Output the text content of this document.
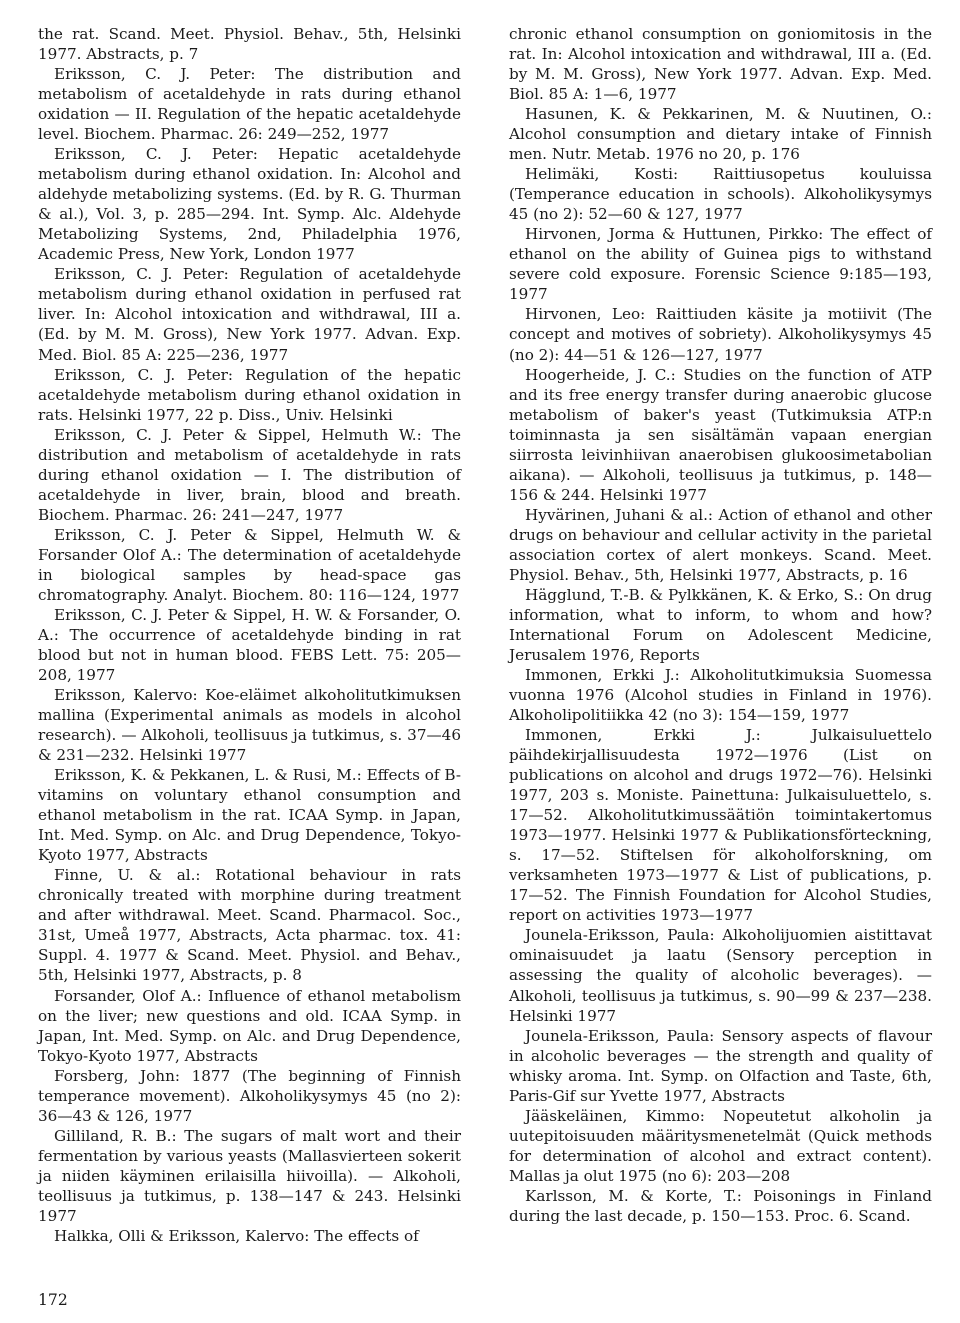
the rat. Scand. Meet. Physiol. Behav., 5th, Helsinki 1977. Abstracts, p. 7

Eriksson, C. J. Peter: The distribution and metabolism of acetaldehyde in rats during ethanol oxidation — II. Regulation of the hepatic acetaldehyde level. Biochem. Pharmac. 26: 249—252, 1977

Eriksson, C. J. Peter: Hepatic acetaldehyde metabolism during ethanol oxidation. In: Alcohol and aldehyde metabolizing systems. (Ed. by R. G. Thurman & al.), Vol. 3, p. 285—294. Int. Symp. Alc. Aldehyde Metabolizing Systems, 2nd, Philadelphia 1976, Academic Press, New York, London 1977

Eriksson, C. J. Peter: Regulation of acetaldehyde metabolism during ethanol oxidation in perfused rat liver. In: Alcohol intoxication and withdrawal, III a. (Ed. by M. M. Gross), New York 1977. Advan. Exp. Med. Biol. 85 A: 225—236, 1977

Eriksson, C. J. Peter: Regulation of the hepatic acetaldehyde metabolism during ethanol oxidation in rats. Helsinki 1977, 22 p. Diss., Univ. Helsinki

Eriksson, C. J. Peter & Sippel, Helmuth W.: The distribution and metabolism of acetaldehyde in rats during ethanol oxidation — I. The distribution of acetaldehyde in liver, brain, blood and breath. Biochem. Pharmac. 26: 241—247, 1977

Eriksson, C. J. Peter & Sippel, Helmuth W. & Forsander Olof A.: The determination of acetaldehyde in biological samples by head-space gas chromatography. Analyt. Biochem. 80: 116—124, 1977

Eriksson, C. J. Peter & Sippel, H. W. & Forsander, O. A.: The occurrence of acetaldehyde binding in rat blood but not in human blood. FEBS Lett. 75: 205—208, 1977

Eriksson, Kalervo: Koe-eläimet alkoholitutkimuksen mallina (Experimental animals as models in alcohol research). — Alkoholi, teollisuus ja tutkimus, s. 37—46 & 231—232. Helsinki 1977

Eriksson, K. & Pekkanen, L. & Rusi, M.: Effects of B-vitamins on voluntary ethanol consumption and ethanol metabolism in the rat. ICAA Symp. in Japan, Int. Med. Symp. on Alc. and Drug Dependence, Tokyo-Kyoto 1977, Abstracts

Finne, U. & al.: Rotational behaviour in rats chronically treated with morphine during treatment and after withdrawal. Meet. Scand. Pharmacol. Soc., 31st, Umeå 1977, Abstracts, Acta pharmac. tox. 41: Suppl. 4. 1977 & Scand. Meet. Physiol. and Behav., 5th, Helsinki 1977, Abstracts, p. 8

Forsander, Olof A.: Influence of ethanol metabolism on the liver; new questions and old. ICAA Symp. in Japan, Int. Med. Symp. on Alc. and Drug Dependence, Tokyo-Kyoto 1977, Abstracts

Forsberg, John: 1877 (The beginning of Finnish temperance movement). Alkoholikysymys 45 (no 2): 36—43 & 126, 1977

Gilliland, R. B.: The sugars of malt wort and their fermentation by various yeasts (Mallasvierteen sokerit ja niiden käyminen erilaisilla hiivoilla). — Alkoholi, teollisuus ja tutkimus, p. 138—147 & 243. Helsinki 1977

Halkka, Olli & Eriksson, Kalervo: The effects of

chronic ethanol consumption on goniomitosis in the rat. In: Alcohol intoxication and withdrawal, III a. (Ed. by M. M. Gross), New York 1977. Advan. Exp. Med. Biol. 85 A: 1—6, 1977

Hasunen, K. & Pekkarinen, M. & Nuutinen, O.: Alcohol consumption and dietary intake of Finnish men. Nutr. Metab. 1976 no 20, p. 176

Helimäki, Kosti: Raittiusopetus kouluissa (Temperance education in schools). Alkoholikysymys 45 (no 2): 52—60 & 127, 1977

Hirvonen, Jorma & Huttunen, Pirkko: The effect of ethanol on the ability of Guinea pigs to withstand severe cold exposure. Forensic Science 9:185—193, 1977

Hirvonen, Leo: Raittiuden käsite ja motiivit (The concept and motives of sobriety). Alkoholikysymys 45 (no 2): 44—51 & 126—127, 1977

Hoogerheide, J. C.: Studies on the function of ATP and its free energy transfer during anaerobic glucose metabolism of baker's yeast (Tutkimuksia ATP:n toiminnasta ja sen sisältämän vapaan energian siirrosta leivinhiivan anaerobisen glukoosimetabolian aikana). — Alkoholi, teollisuus ja tutkimus, p. 148—156 & 244. Helsinki 1977

Hyvärinen, Juhani & al.: Action of ethanol and other drugs on behaviour and cellular activity in the parietal association cortex of alert monkeys. Scand. Meet. Physiol. Behav., 5th, Helsinki 1977, Abstracts, p. 16

Hägglund, T.-B. & Pylkkänen, K. & Erko, S.: On drug information, what to inform, to whom and how? International Forum on Adolescent Medicine, Jerusalem 1976, Reports

Immonen, Erkki J.: Alkoholitutkimuksia Suomessa vuonna 1976 (Alcohol studies in Finland in 1976). Alkoholipolitiikka 42 (no 3): 154—159, 1977

Immonen, Erkki J.: Julkaisuluettelo päihdekirjallisuudesta 1972—1976 (List on publications on alcohol and drugs 1972—76). Helsinki 1977, 203 s. Moniste. Painettuna: Julkaisuluettelo, s. 17—52. Alkoholitutkimussäätiön toimintakertomus 1973—1977. Helsinki 1977 & Publikationsförteckning, s. 17—52. Stiftelsen för alkoholforskning, om verksamheten 1973—1977 & List of publications, p. 17—52. The Finnish Foundation for Alcohol Studies, report on activities 1973—1977

Jounela-Eriksson, Paula: Alkoholijuomien aistittavat ominaisuudet ja laatu (Sensory perception in assessing the quality of alcoholic beverages). — Alkoholi, teollisuus ja tutkimus, s. 90—99 & 237—238. Helsinki 1977

Jounela-Eriksson, Paula: Sensory aspects of flavour in alcoholic beverages — the strength and quality of whisky aroma. Int. Symp. on Olfaction and Taste, 6th, Paris-Gif sur Yvette 1977, Abstracts

Jääskeläinen, Kimmo: Nopeutetut alkoholin ja uutepitoisuuden määritysmenetelmät (Quick methods for determination of alcohol and extract content). Mallas ja olut 1975 (no 6): 203—208

Karlsson, M. & Korte, T.: Poisonings in Finland during the last decade, p. 150—153. Proc. 6. Scand.

172
